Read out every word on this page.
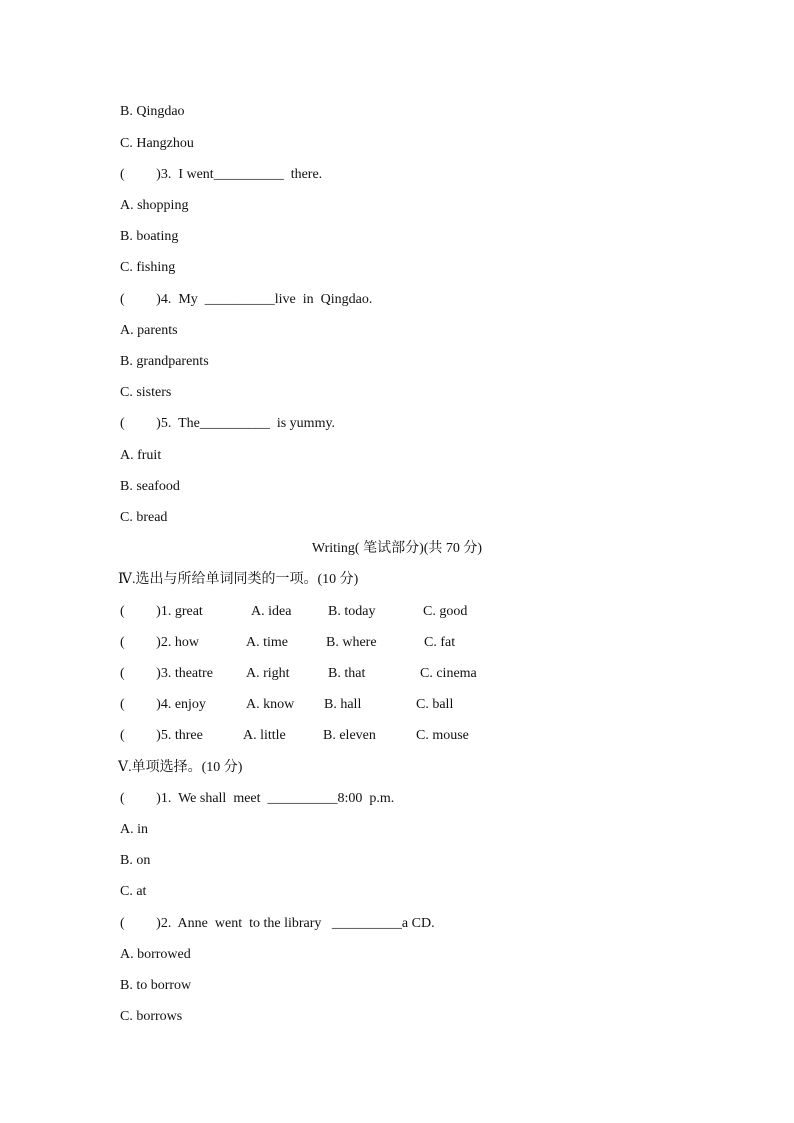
B. Qingdao
C. Hangzhou
(         )3.  I went__________  there.
A. shopping
B. boating
C. fishing
(         )4.  My  __________live  in  Qingdao.
A. parents
B. grandparents
C. sisters
(         )5.  The__________  is yummy.
A. fruit
B. seafood
C. bread
Writing( 笔试部分)(共 70 分)
Ⅳ.选出与所给单词同类的一项。(10 分)
(         )1. great	A. idea	B. today	C. good
(         )2. how	A. time	B. where	C. fat
(         )3. theatre A. right	B. that	C. cinema
(         )4. enjoy	A. know B. hall	C. ball
(         )5. three	A. little	B. eleven	C. mouse
Ⅴ.单项选择。(10 分)
(         )1.  We shall  meet  __________8:00  p.m.
A. in
B. on
C. at
(         )2.  Anne  went  to the library   __________a CD.
A. borrowed
B. to borrow
C. borrows
